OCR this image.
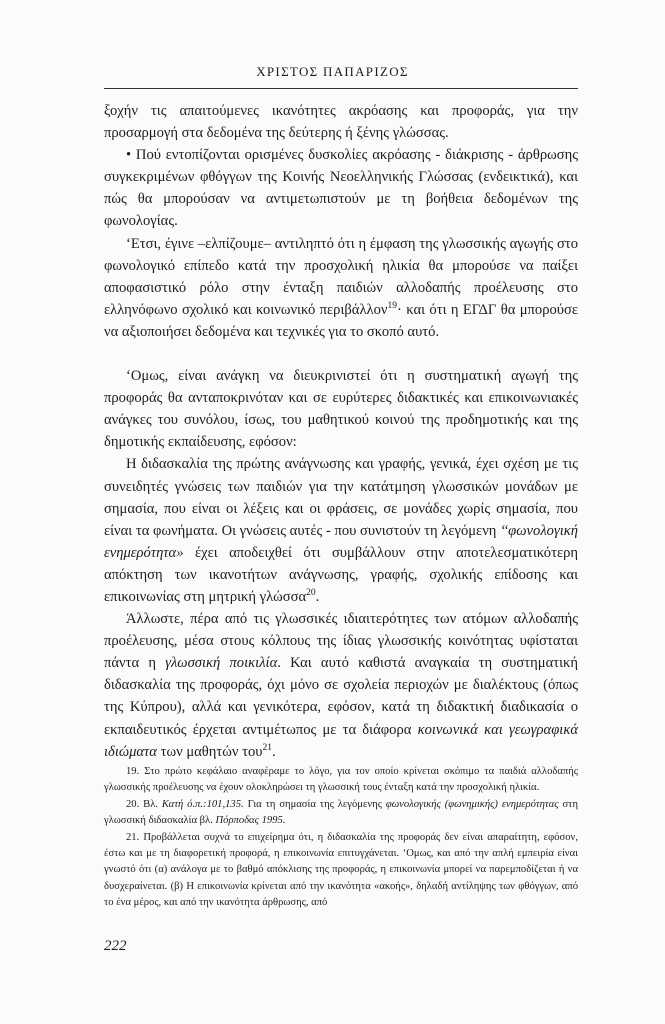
ΧΡΙΣΤΟΣ ΠΑΠΑΡΙΖΟΣ

ξοχήν τις απαιτούμενες ικανότητες ακρόασης και προφοράς, για την προσαρμογή στα δεδομένα της δεύτερης ή ξένης γλώσσας.

• Πού εντοπίζονται ορισμένες δυσκολίες ακρόασης - διάκρισης - άρθρωσης συγκεκριμένων φθόγγων της Κοινής Νεοελληνικής Γλώσσας (ενδεικτικά), και πώς θα μπορούσαν να αντιμετωπιστούν με τη βοήθεια δεδομένων της φωνολογίας.

‘Ετσι, έγινε –ελπίζουμε– αντιληπτό ότι η έμφαση της γλωσσικής αγωγής στο φωνολογικό επίπεδο κατά την προσχολική ηλικία θα μπορούσε να παίξει αποφασιστικό ρόλο στην ένταξη παιδιών αλλοδαπής προέλευσης στο ελληνόφωνο σχολικό και κοινωνικό περιβάλλον$^{19}$· και ότι η ΕΓΔΓ θα μπορούσε να αξιοποιήσει δεδομένα και τεχνικές για το σκοπό αυτό.

‘Ομως, είναι ανάγκη να διευκρινιστεί ότι η συστηματική αγωγή της προφοράς θα ανταποκρινόταν και σε ευρύτερες διδακτικές και επικοινωνιακές ανάγκες του συνόλου, ίσως, του μαθητικού κοινού της προδημοτικής και της δημοτικής εκπαίδευσης, εφόσον:

Η διδασκαλία της πρώτης ανάγνωσης και γραφής, γενικά, έχει σχέση με τις συνειδητές γνώσεις των παιδιών για την κατάτμηση γλωσσικών μονάδων με σημασία, που είναι οι λέξεις και οι φράσεις, σε μονάδες χωρίς σημασία, που είναι τα φωνήματα. Οι γνώσεις αυτές - που συνιστούν τη λεγόμενη ‘‘φωνολογική ενημερότητα» έχει αποδειχθεί ότι συμβάλλουν στην αποτελεσματικότερη απόκτηση των ικανοτήτων ανάγνωσης, γραφής, σχολικής επίδοσης και επικοινωνίας στη μητρική γλώσσα$^{20}$.

Άλλωστε, πέρα από τις γλωσσικές ιδιαιτερότητες των ατόμων αλλοδαπής προέλευσης, μέσα στους κόλπους της ίδιας γλωσσικής κοινότητας υφίσταται πάντα η γλωσσική ποικιλία. Και αυτό καθιστά αναγκαία τη συστηματική διδασκαλία της προφοράς, όχι μόνο σε σχολεία περιοχών με διαλέκτους (όπως της Κύπρου), αλλά και γενικότερα, εφόσον, κατά τη διδακτική διαδικασία ο εκπαιδευτικός έρχεται αντιμέτωπος με τα διάφορα κοινωνικά και γεωγραφικά ιδιώματα των μαθητών του$^{21}$.

19. Στο πρώτο κεφάλαιο αναφέραμε το λόγο, για τον οποίο κρίνεται σκόπιμο τα παιδιά αλλοδαπής γλωσσικής προέλευσης να έχουν ολοκληρώσει τη γλωσσική τους ένταξη κατά την προσχολική ηλικία.

20. Βλ. Κατή ό.π.:101,135. Για τη σημασία της λεγόμενης φωνολογικής (φωνημικής) ενημερότητας στη γλωσσική διδασκαλία βλ. Πόρποδας 1995.

21. Προβάλλεται συχνά το επιχείρημα ότι, η διδασκαλία της προφοράς δεν είναι απαραίτητη, εφόσον, έστω και με τη διαφορετική προφορά, η επικοινωνία επιτυγχάνεται. ‘Ομως, και από την απλή εμπειρία είναι γνωστό ότι (α) ανάλογα με το βαθμό απόκλισης της προφοράς, η επικοινωνία μπορεί να παρεμποδίζεται ή να δυσχεραίνεται. (β) Η επικοινωνία κρίνεται από την ικανότητα «ακοής», δηλαδή αντίληψης των φθόγγων, από το ένα μέρος, και από την ικανότητα άρθρωσης, από

222
